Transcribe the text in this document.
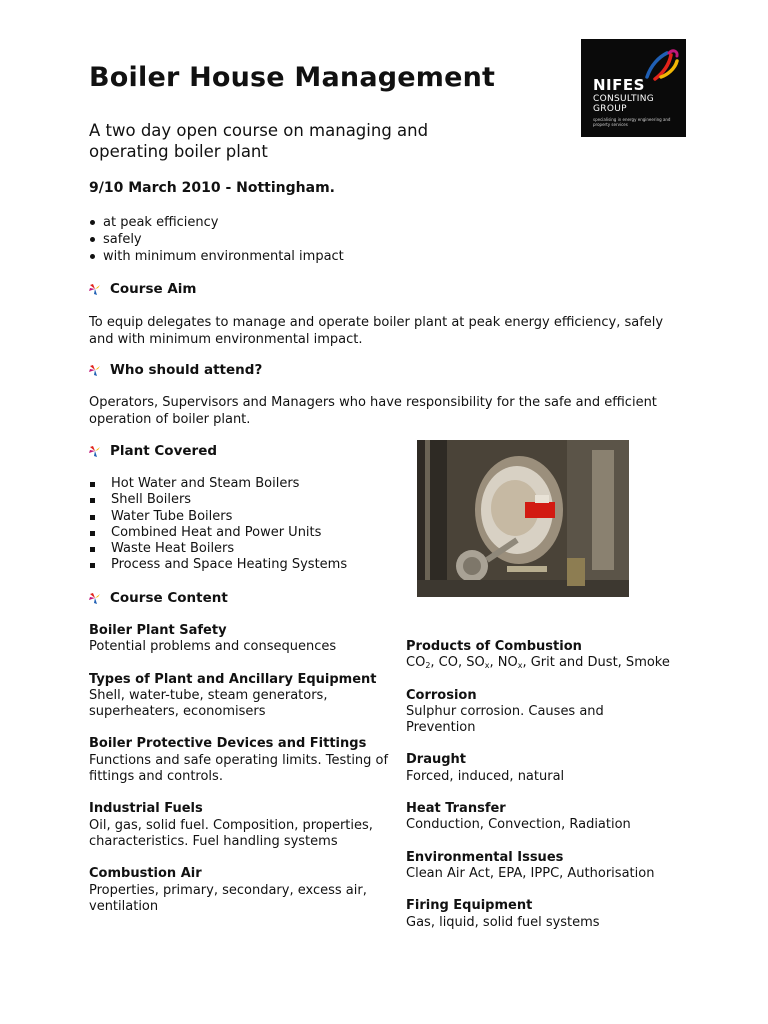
Boiler House Management
A two day open course on managing and operating boiler plant
9/10 March 2010 - Nottingham.
NIFES
CONSULTING
GROUP
specialising in energy engineering and property services
at peak efficiency
safely
with minimum environmental impact
Course Aim
To equip delegates to manage and operate boiler plant at peak energy efficiency, safely and with minimum environmental impact.
Who should attend?
Operators, Supervisors and Managers who have responsibility for the safe and efficient operation of boiler plant.
Plant Covered
Hot Water and Steam Boilers
Shell Boilers
Water Tube Boilers
Combined Heat and Power Units
Waste Heat Boilers
Process and Space Heating Systems
Course Content
Boiler Plant Safety
Potential problems and consequences
Types of Plant and Ancillary Equipment
Shell, water-tube, steam generators, superheaters, economisers
Boiler Protective Devices and Fittings
Functions and safe operating limits. Testing of fittings and controls.
Industrial Fuels
Oil, gas, solid fuel. Composition, properties, characteristics. Fuel handling systems
Combustion Air
Properties, primary, secondary, excess air, ventilation
Products of Combustion
$CO_2$, CO, $SO_x$, $NO_x$, Grit and Dust, Smoke
Corrosion
Sulphur corrosion. Causes and Prevention
Draught
Forced, induced, natural
Heat Transfer
Conduction, Convection, Radiation
Environmental Issues
Clean Air Act, EPA, IPPC, Authorisation
Firing Equipment
Gas, liquid, solid fuel systems
